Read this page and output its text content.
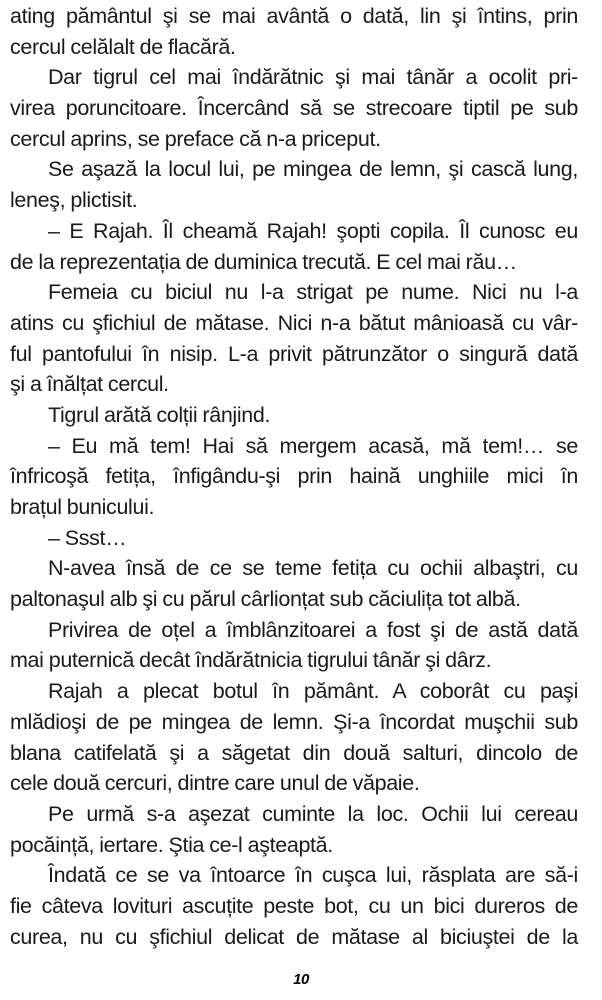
ating pământul şi se mai avântă o dată, lin şi întins, prin
cercul celălalt de flacără.
Dar tigrul cel mai îndărătnic şi mai tânăr a ocolit pri-
virea poruncitoare. Încercând să se strecoare tiptil pe sub
cercul aprins, se preface că n-a priceput.
Se aşază la locul lui, pe mingea de lemn, şi cască lung,
leneş, plictisit.
– E Rajah. Îl cheamă Rajah! şopti copila. Îl cunosc eu
de la reprezentația de duminica trecută. E cel mai rău…
Femeia cu biciul nu l-a strigat pe nume. Nici nu l-a
atins cu şfichiul de mătase. Nici n-a bătut mânioasă cu vâr-
ful pantofului în nisip. L-a privit pătrunzător o singură dată
şi a înălțat cercul.
Tigrul arătă colții rânjind.
– Eu mă tem! Hai să mergem acasă, mă tem!… se
înfricoşă fetița, înfigându-şi prin haină unghiile mici în
brațul bunicului.
– Ssst…
N-avea însă de ce se teme fetița cu ochii albaştri, cu
paltonaşul alb şi cu părul cârlionțat sub căciulița tot albă.
Privirea de oțel a îmblânzitoarei a fost şi de astă dată
mai puternică decât îndărătnicia tigrului tânăr şi dârz.
Rajah a plecat botul în pământ. A coborât cu paşi
mlădioşi de pe mingea de lemn. Şi-a încordat muşchii sub
blana catifelată şi a săgetat din două salturi, dincolo de
cele două cercuri, dintre care unul de văpaie.
Pe urmă s-a aşezat cuminte la loc. Ochii lui cereau
pocăință, iertare. Ştia ce-l aşteaptă.
Îndată ce se va întoarce în cuşca lui, răsplata are să-i
fie câteva lovituri ascuțite peste bot, cu un bici dureros de
curea, nu cu şfichiul delicat de mătase al biciuştei de la
10
